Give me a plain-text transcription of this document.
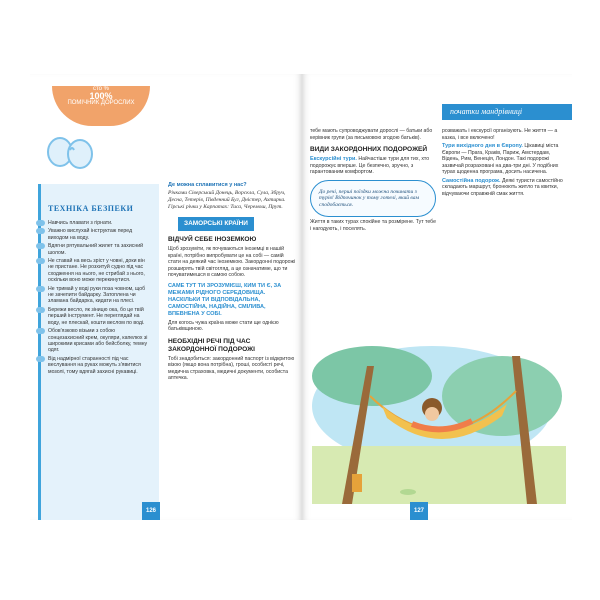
сто %
100%
ПОМІЧНИК ДОРОСЛИХ
ТЕХНІКА БЕЗПЕКИ
Навчись плавати з гірнати.
Уважно вислухай інструктаж перед виходом на воду.
Вдягни рятувальний жилет та захисний шолом.
Не ставай на весь зріст у човні, доки він не пристане. Не розхитуй судно під час сходження на нього, не стрибай з нього, оскільки воно може перекинутися.
Не тримай у воді руки поза човном, щоб не зачепити байдарку. Затоплена чи зламана байдарка, кидати на плесі.
Бережи весло, як зіницю ока, бо це твій перший інструмент. Не переглядай на воду, не плескай, кошти веслом по воді.
Обов'язково візьми з собою сонцезахисний крем, окуляри, капелюх зі широкими крисами або бейсболку, темну одяг.
Від надмірної старанності під час веслування на руках можуть з'явитися мозолі, тому вдягай захисні рукавиці.
Де можна сплавитися у нас?
Річками Сіверський Донець, Ворскла, Сула, Збруч, Десна, Тетерів, Південний Буг, Дністер, Ахтирка. Гірські річки у Карпатах: Тиса, Черемош, Прут.
ЗАМОРСЬКІ КРАЇНИ
ВІДЧУЙ СЕБЕ ІНОЗЕМКОЮ
Щоб зрозуміти, як почуваються іноземці в нашій країні, потрібно випробувати це на собі — самій стати на деякий час іноземкою. Закордонні подорожі розширять твій світогляд, а це означатиме, що ти почуватимешся в самою собою.
САМЕ ТУТ ТИ ЗРОЗУМІЄШ, КИМ ТИ Є, ЗА МЕЖАМИ РІДНОГО СЕРЕДОВИЩА. НАСКІЛЬКИ ТИ ВІДПОВІДАЛЬНА, САМОСТІЙНА, НАДІЙНА, СМІЛИВА, ВПЕВНЕНА У СОБІ.
Для когось чужа країна може стати ще однією батьківщиною.
НЕОБХІДНІ РЕЧІ ПІД ЧАС ЗАКОРДОННОЇ ПОДОРОЖІ
Тобі знадобиться: закордонний паспорт із відкритою візою (якщо вона потрібна), гроші, особисті речі, медична страховка, медичні документи, особиста аптечка.
126
початки мандрівниці
тебе мають супроводжувати дорослі — батьки або керівник групи (за письмовою згодою батьків).
ВИДИ ЗАКОРДОННИХ ПОДОРОЖЕЙ
Екскурсійні тури. Найчастіше тури для тих, хто подорожує вперше. Це безпечно, зручно, з гарантованим комфортом.
До речі, перші поїздки можна починати з турів! Відпочинок у тому готелі, який вам сподобається.
Життя в таких турах спокійне та розмірене. Тут тебе і нагодують, і поселять.
розважать і екскурсії організують. Не життя — а казка, і все включено!
Тури вихідного дня в Європу. Цікавиці міста Європи — Прага, Краків, Париж, Амстердам, Відень, Рим, Венеція, Лондон. Такі подорожі зазвичай розраховані на два-три дні. У подібних турах щоденна програма, досить насичена.
Самостійна подорож. Деякі туристи самостійно складають маршрут, бронюють житло та квитки, відчуваючи справжній смак життя.
127
